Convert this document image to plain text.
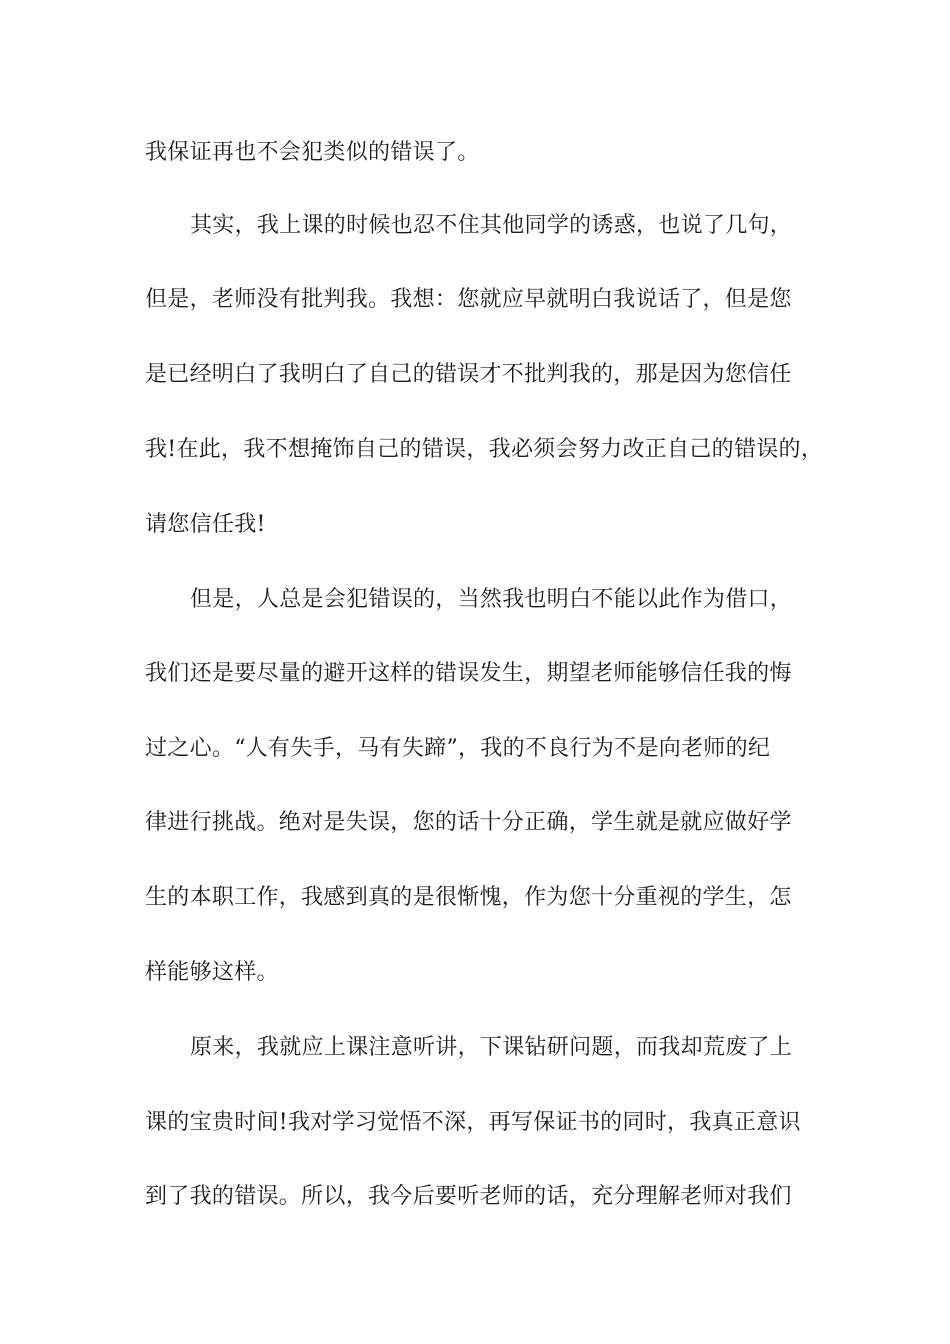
我保证再也不会犯类似的错误了。
其实，我上课的时候也忍不住其他同学的诱惑，也说了几句，
但是，老师没有批判我。我想：您就应早就明白我说话了，但是您
是已经明白了我明白了自己的错误才不批判我的，那是因为您信任
我!在此，我不想掩饰自己的错误，我必须会努力改正自己的错误的，
请您信任我!
但是，人总是会犯错误的，当然我也明白不能以此作为借口，
我们还是要尽量的避开这样的错误发生，期望老师能够信任我的悔
过之心。“人有失手，马有失蹄”，我的不良行为不是向老师的纪
律进行挑战。绝对是失误，您的话十分正确，学生就是就应做好学
生的本职工作，我感到真的是很惭愧，作为您十分重视的学生，怎
样能够这样。
原来，我就应上课注意听讲，下课钻研问题，而我却荒废了上
课的宝贵时间!我对学习觉悟不深，再写保证书的同时，我真正意识
到了我的错误。所以，我今后要听老师的话，充分理解老师对我们
